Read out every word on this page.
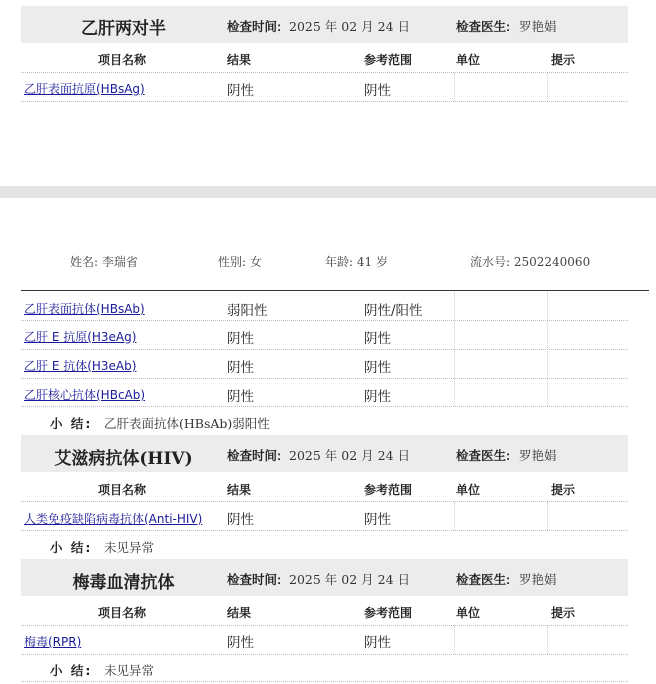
乙肝两对半	检查时间: 2025 年 02 月 24 日	检查医生: 罗艳娟
项目名称	结果	参考范围	单位	提示
乙肝表面抗原(HBsAg)	阴性	阴性
姓名: 李瑞省	性别: 女	年龄: 41 岁	流水号: 2502240060
乙肝表面抗体(HBsAb)	弱阳性	阴性/阳性
乙肝 E 抗原(H3eAg)	阴性	阴性
乙肝 E 抗体(H3eAb)	阴性	阴性
乙肝核心抗体(HBcAb)	阴性	阴性
小 结: 乙肝表面抗体(HBsAb)弱阳性
艾滋病抗体(HIV)	检查时间: 2025 年 02 月 24 日	检查医生: 罗艳娟
项目名称	结果	参考范围	单位	提示
人类免疫缺陷病毒抗体(Anti-HIV) 阴性	阴性
小 结: 未见异常
梅毒血清抗体	检查时间: 2025 年 02 月 24 日	检查医生: 罗艳娟
项目名称	结果	参考范围	单位	提示
梅毒(RPR)	阴性	阴性
小 结: 未见异常
